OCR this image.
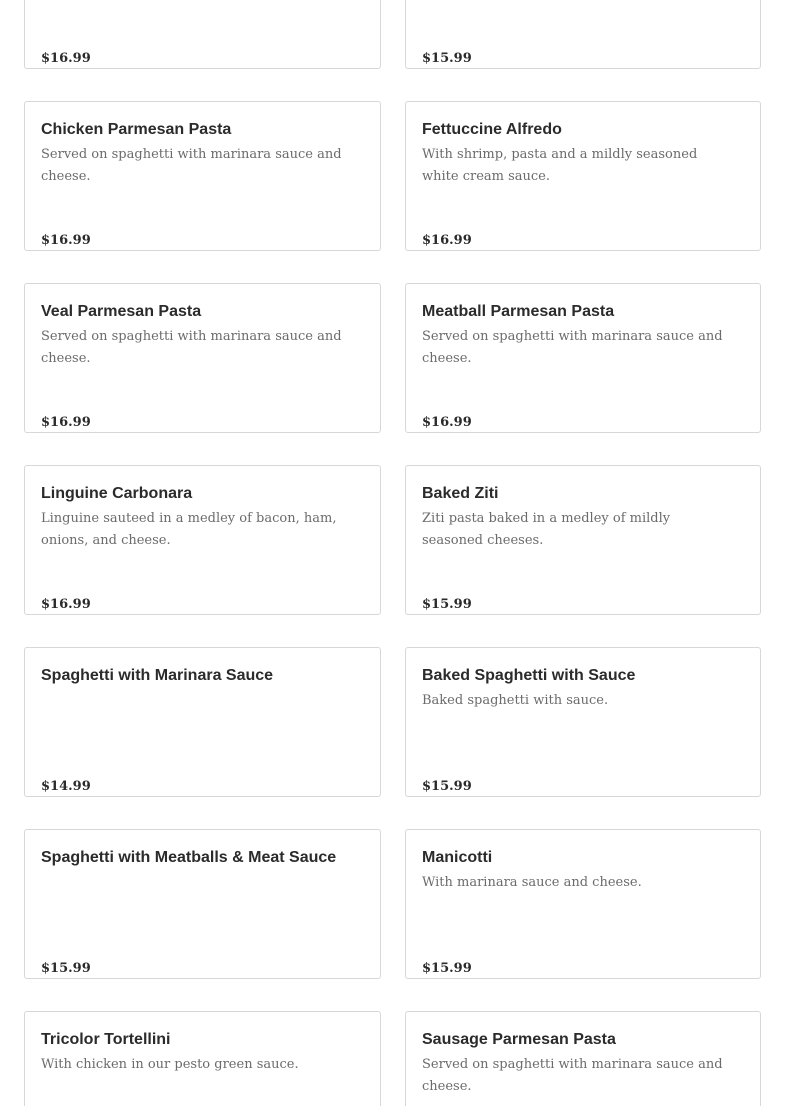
$16.99	$15.99
Chicken Parmesan Pasta
Served on spaghetti with marinara sauce and cheese.
$16.99
Fettuccine Alfredo
With shrimp, pasta and a mildly seasoned white cream sauce.
$16.99
Veal Parmesan Pasta
Served on spaghetti with marinara sauce and cheese.
$16.99
Meatball Parmesan Pasta
Served on spaghetti with marinara sauce and cheese.
$16.99
Linguine Carbonara
Linguine sauteed in a medley of bacon, ham, onions, and cheese.
$16.99
Baked Ziti
Ziti pasta baked in a medley of mildly seasoned cheeses.
$15.99
Spaghetti with Marinara Sauce
$14.99
Baked Spaghetti with Sauce
Baked spaghetti with sauce.
$15.99
Spaghetti with Meatballs & Meat Sauce
$15.99
Manicotti
With marinara sauce and cheese.
$15.99
Tricolor Tortellini
With chicken in our pesto green sauce.
Sausage Parmesan Pasta
Served on spaghetti with marinara sauce and cheese.
